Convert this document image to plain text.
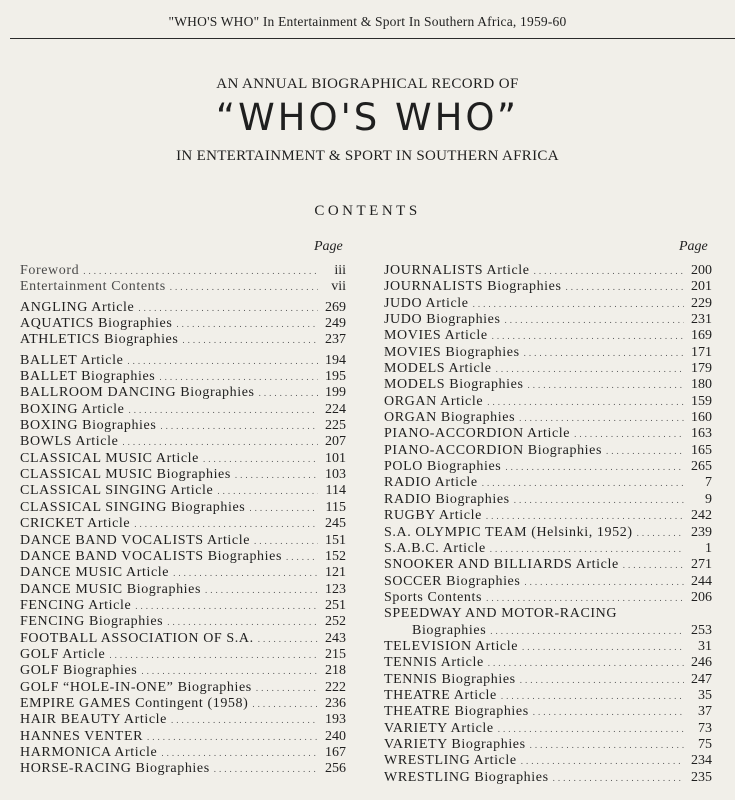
"WHO'S WHO" In Entertainment & Sport In Southern Africa, 1959-60
AN ANNUAL BIOGRAPHICAL RECORD OF
“WHO'S WHO”
IN ENTERTAINMENT & SPORT IN SOUTHERN AFRICA
CONTENTS
Page	Page
Foreword .....	iii
Entertainment Contents .....	vii
ANGLING Article .....	269
AQUATICS Biographies .....	249
ATHLETICS Biographies .....	237
BALLET Article .....	194
BALLET Biographies .....	195
BALLROOM DANCING Biographies .....	199
BOXING Article .....	224
BOXING Biographies .....	225
BOWLS Article .....	207
CLASSICAL MUSIC Article .....	101
CLASSICAL MUSIC Biographies .....	103
CLASSICAL SINGING Article .....	114
CLASSICAL SINGING Biographies .....	115
CRICKET Article .....	245
DANCE BAND VOCALISTS Article .....	151
DANCE BAND VOCALISTS Biographies .....	152
DANCE MUSIC Article .....	121
DANCE MUSIC Biographies .....	123
FENCING Article .....	251
FENCING Biographies .....	252
FOOTBALL ASSOCIATION OF S.A. .....	243
GOLF Article .....	215
GOLF Biographies .....	218
GOLF “HOLE-IN-ONE” Biographies .....	222
EMPIRE GAMES Contingent (1958) .....	236
HAIR BEAUTY Article .....	193
HANNES VENTER .....	240
HARMONICA Article .....	167
HORSE-RACING Biographies .....	256
JOURNALISTS Article .....	200
JOURNALISTS Biographies .....	201
JUDO Article .....	229
JUDO Biographies .....	231
MOVIES Article .....	169
MOVIES Biographies .....	171
MODELS Article .....	179
MODELS Biographies .....	180
ORGAN Article .....	159
ORGAN Biographies .....	160
PIANO-ACCORDION Article .....	163
PIANO-ACCORDION Biographies .....	165
POLO Biographies .....	265
RADIO Article .....	7
RADIO Biographies .....	9
RUGBY Article .....	242
S.A. OLYMPIC TEAM (Helsinki, 1952) .....	239
S.A.B.C. Article .....	1
SNOOKER AND BILLIARDS Article .....	271
SOCCER Biographies .....	244
Sports Contents .....	206
SPEEDWAY AND MOTOR-RACING
Biographies .....	253
TELEVISION Article .....	31
TENNIS Article .....	246
TENNIS Biographies .....	247
THEATRE Article .....	35
THEATRE Biographies .....	37
VARIETY Article .....	73
VARIETY Biographies .....	75
WRESTLING Article .....	234
WRESTLING Biographies .....	235
